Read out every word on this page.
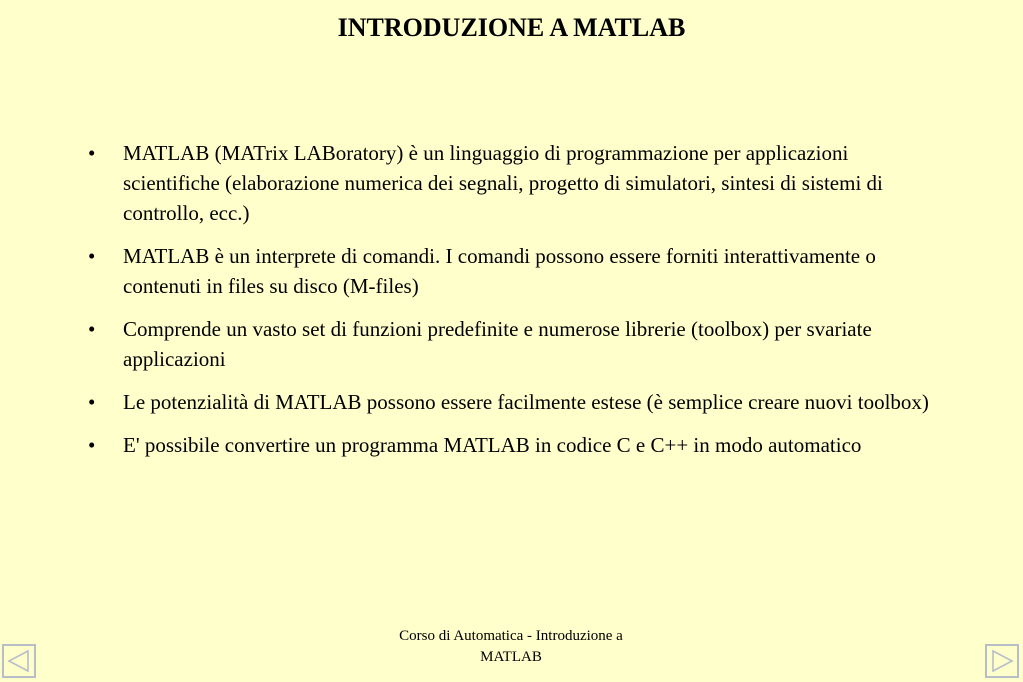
INTRODUZIONE A MATLAB
• MATLAB (MATrix LABoratory) è un linguaggio di programmazione per applicazioni scientifiche (elaborazione numerica dei segnali, progetto di simulatori, sintesi di sistemi di controllo, ecc.)
• MATLAB è un interprete di comandi. I comandi possono essere forniti interattivamente o contenuti in files su disco (M-files)
• Comprende un vasto set di funzioni predefinite e numerose librerie (toolbox) per svariate applicazioni
• Le potenzialità di MATLAB possono essere facilmente estese (è semplice creare nuovi toolbox)
• E' possibile convertire un programma MATLAB in codice C e C++ in modo automatico
Corso di Automatica - Introduzione a
MATLAB
